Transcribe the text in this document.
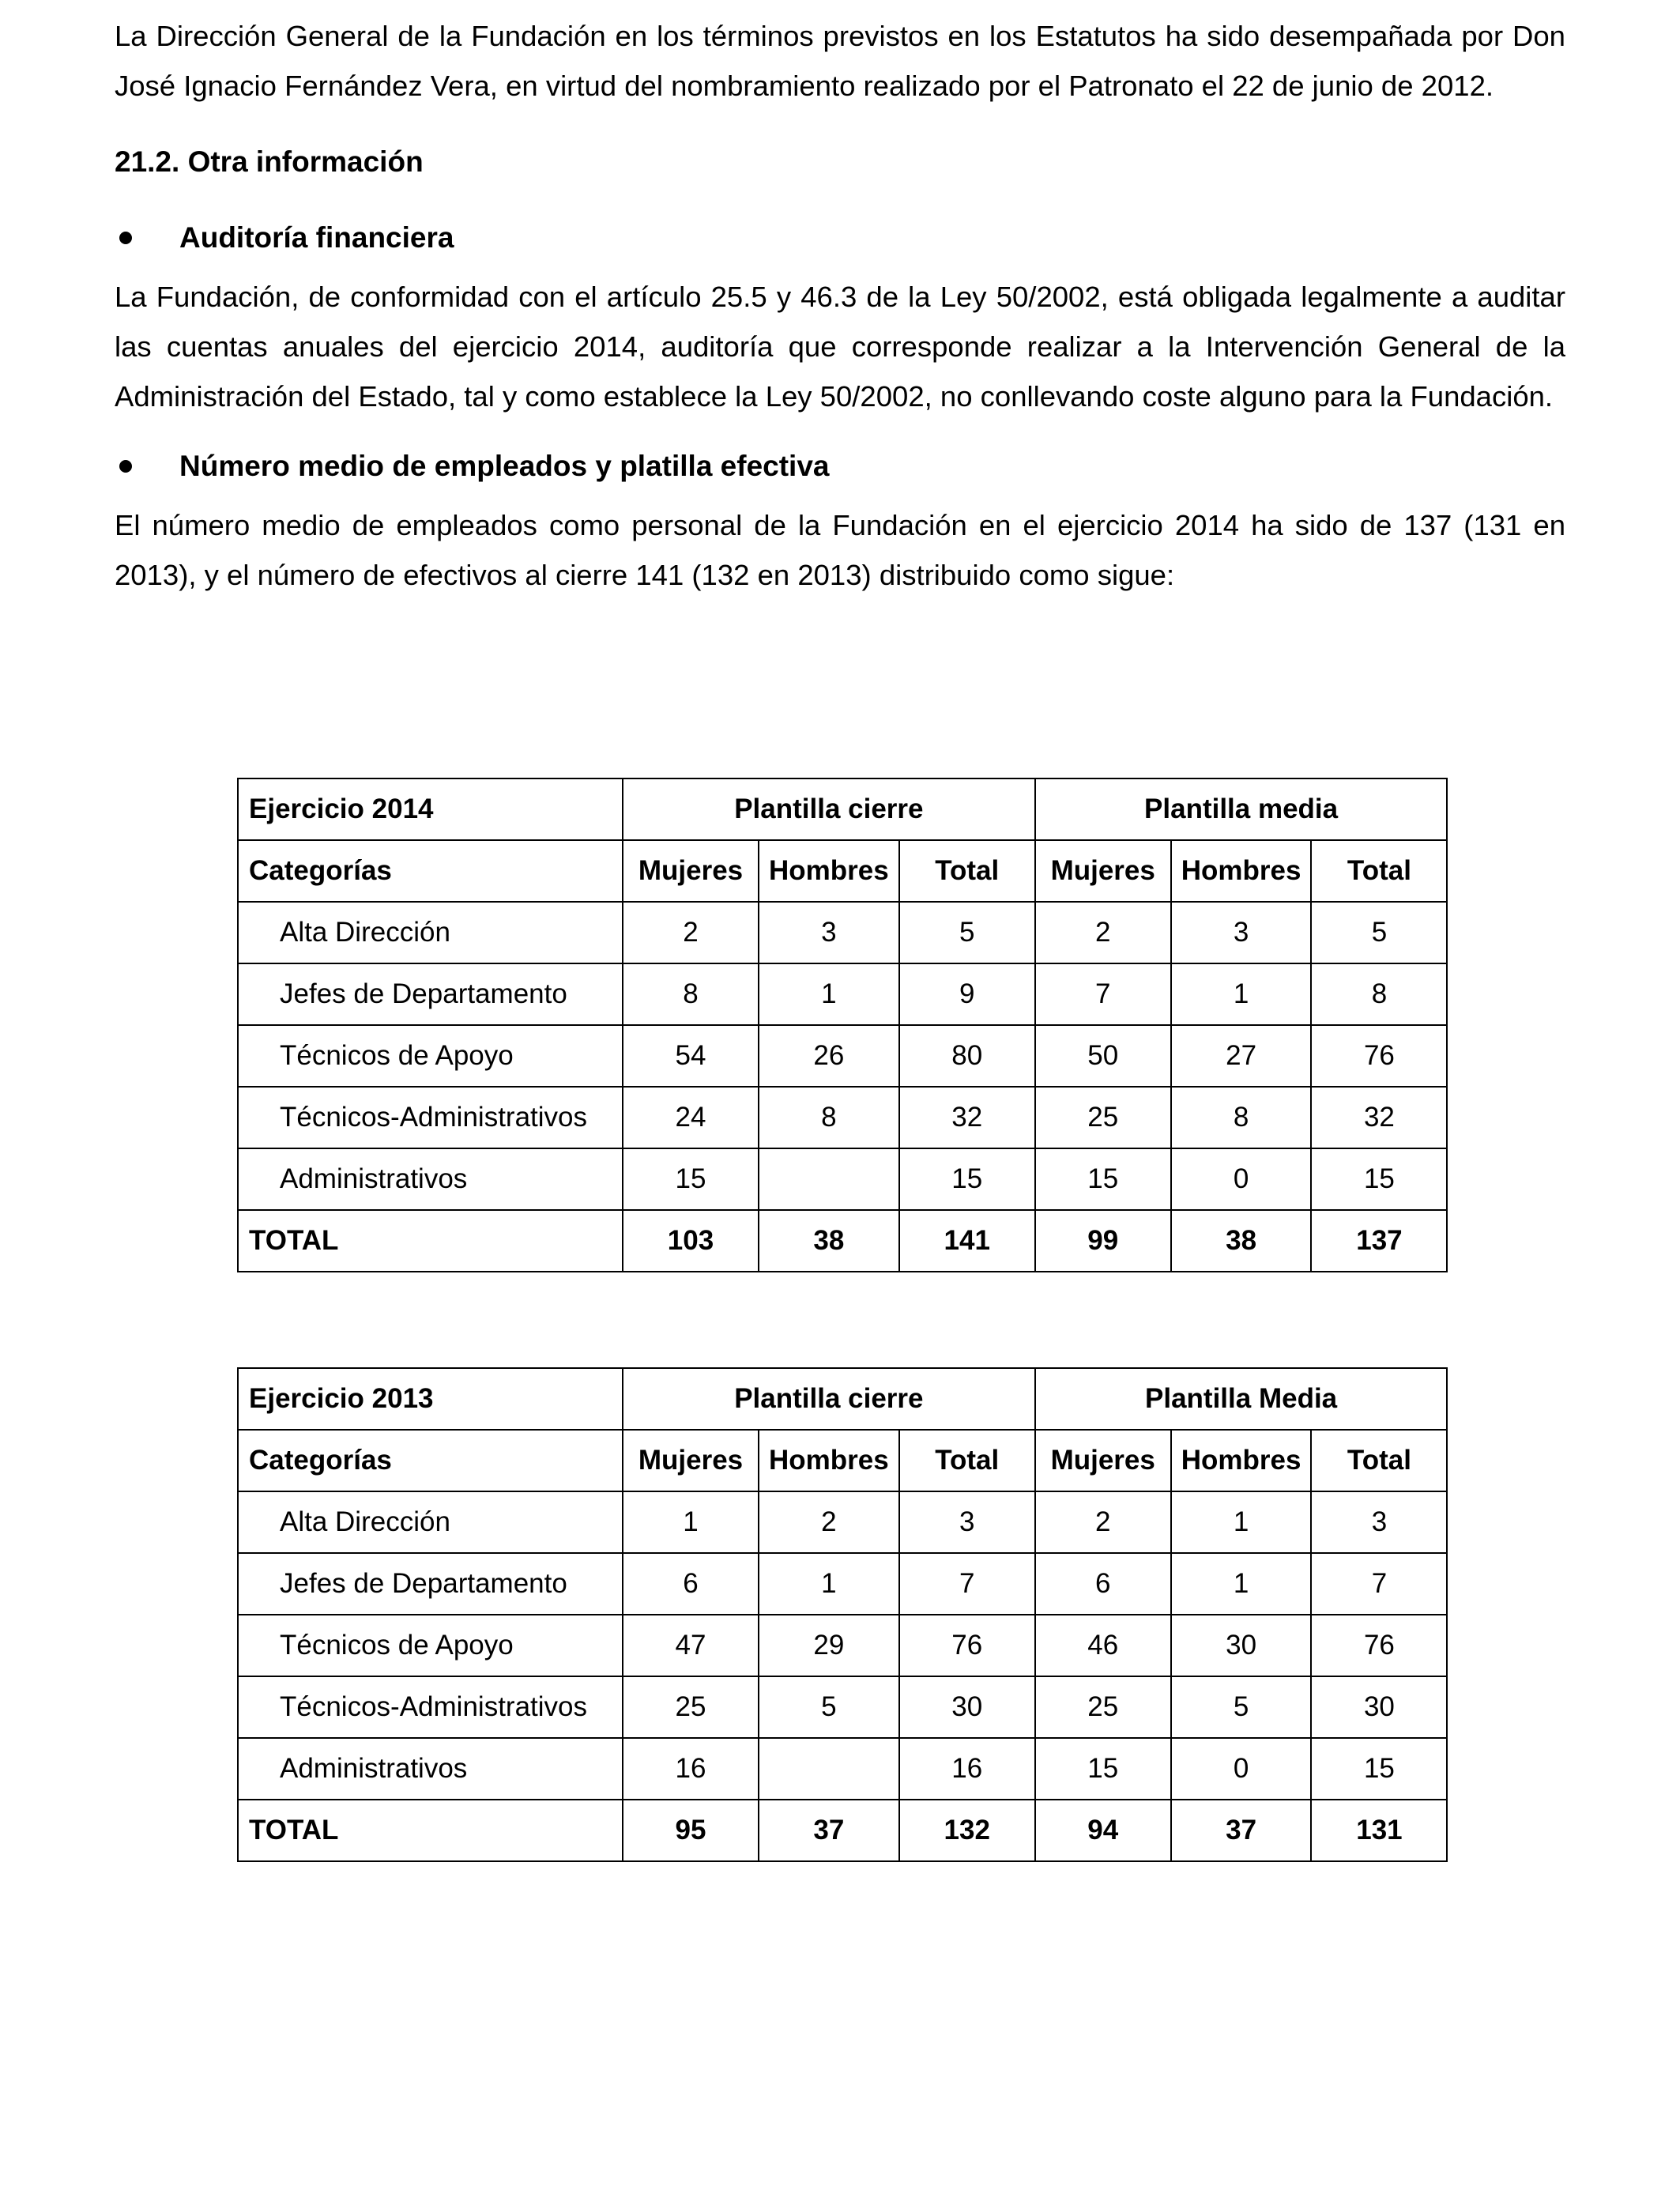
La Dirección General de la Fundación en los términos previstos en los Estatutos ha sido desempañada por Don José Ignacio Fernández Vera, en virtud del nombramiento realizado por el Patronato el 22 de junio de 2012.

21.2. Otra información
Auditoría financiera

La Fundación, de conformidad con el artículo 25.5 y 46.3 de la Ley 50/2002, está obligada legalmente a auditar las cuentas anuales del ejercicio 2014, auditoría que corresponde realizar a la Intervención General de la Administración del Estado, tal y como establece la Ley 50/2002, no conllevando coste alguno para la Fundación.

Número medio de empleados y platilla efectiva

El número medio de empleados como personal de la Fundación en el ejercicio 2014 ha sido de 137 (131 en 2013), y el número de efectivos al cierre 141 (132 en 2013) distribuido como sigue:

Ejercicio 2014	Plantilla cierre			Plantilla media		
Categorías	Mujeres	Hombres	Total	Mujeres	Hombres	Total
Alta Dirección	2	3	5	2	3	5
Jefes de Departamento	8	1	9	7	1	8
Técnicos de Apoyo	54	26	80	50	27	76
Técnicos-Administrativos	24	8	32	25	8	32
Administrativos	15		15	15	0	15
TOTAL	103	38	141	99	38	137
Ejercicio 2013	Plantilla cierre			Plantilla Media		
Categorías	Mujeres	Hombres	Total	Mujeres	Hombres	Total
Alta Dirección	1	2	3	2	1	3
Jefes de Departamento	6	1	7	6	1	7
Técnicos de Apoyo	47	29	76	46	30	76
Técnicos-Administrativos	25	5	30	25	5	30
Administrativos	16		16	15	0	15
TOTAL	95	37	132	94	37	131
